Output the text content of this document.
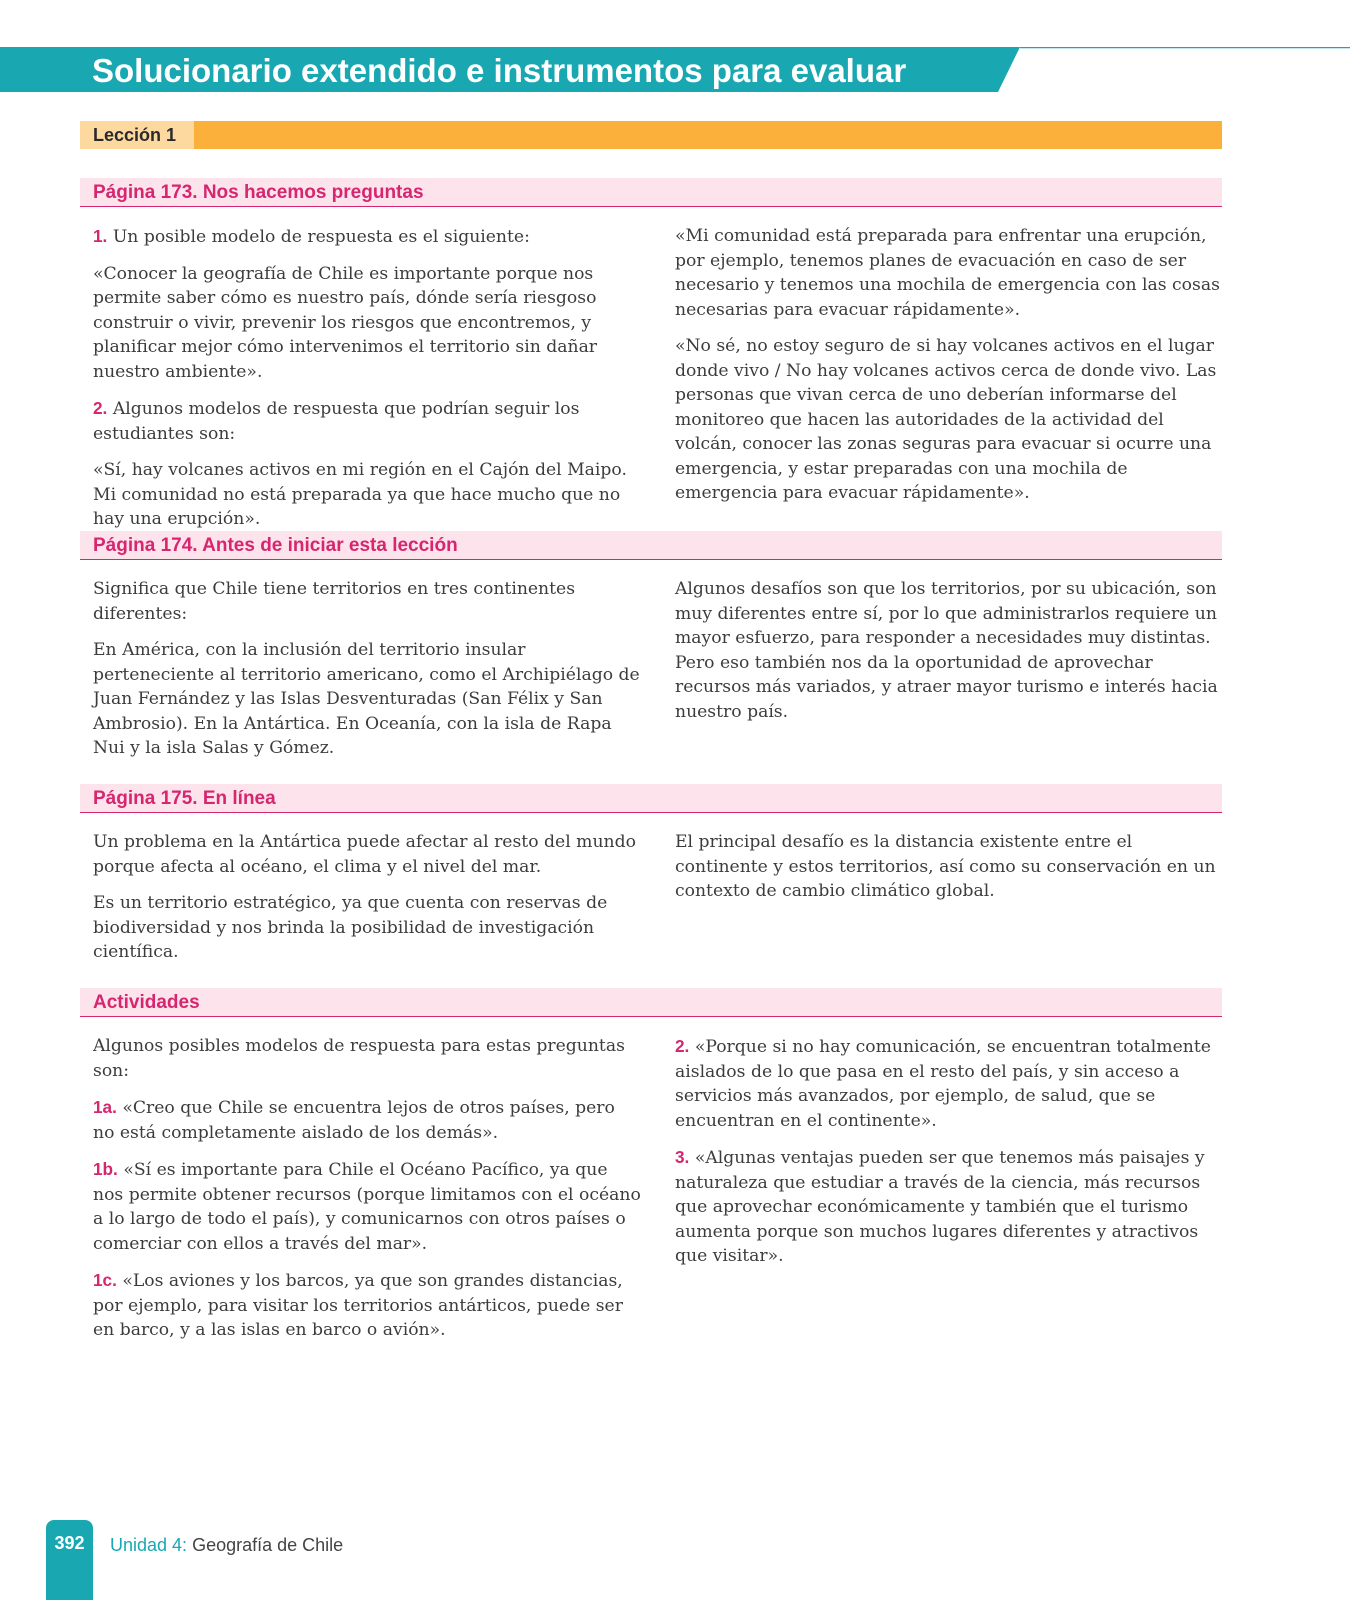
Solucionario extendido e instrumentos para evaluar
Lección 1
Página 173. Nos hacemos preguntas

1. Un posible modelo de respuesta es el siguiente:

«Conocer la geografía de Chile es importante porque nos permite saber cómo es nuestro país, dónde sería riesgoso construir o vivir, prevenir los riesgos que encontremos, y planificar mejor cómo intervenimos el territorio sin dañar nuestro ambiente».

2. Algunos modelos de respuesta que podrían seguir los estudiantes son:

«Sí, hay volcanes activos en mi región en el Cajón del Maipo. Mi comunidad no está preparada ya que hace mucho que no hay una erupción».

«Mi comunidad está preparada para enfrentar una erupción, por ejemplo, tenemos planes de evacuación en caso de ser necesario y tenemos una mochila de emergencia con las cosas necesarias para evacuar rápidamente».

«No sé, no estoy seguro de si hay volcanes activos en el lugar donde vivo / No hay volcanes activos cerca de donde vivo. Las personas que vivan cerca de uno deberían informarse del monitoreo que hacen las autoridades de la actividad del volcán, conocer las zonas seguras para evacuar si ocurre una emergencia, y estar preparadas con una mochila de emergencia para evacuar rápidamente».

Página 174. Antes de iniciar esta lección

Significa que Chile tiene territorios en tres continentes diferentes:

En América, con la inclusión del territorio insular perteneciente al territorio americano, como el Archipiélago de Juan Fernández y las Islas Desventuradas (San Félix y San Ambrosio). En la Antártica. En Oceanía, con la isla de Rapa Nui y la isla Salas y Gómez.

Algunos desafíos son que los territorios, por su ubicación, son muy diferentes entre sí, por lo que administrarlos requiere un mayor esfuerzo, para responder a necesidades muy distintas. Pero eso también nos da la oportunidad de aprovechar recursos más variados, y atraer mayor turismo e interés hacia nuestro país.

Página 175. En línea

Un problema en la Antártica puede afectar al resto del mundo porque afecta al océano, el clima y el nivel del mar.

Es un territorio estratégico, ya que cuenta con reservas de biodiversidad y nos brinda la posibilidad de investigación científica.

El principal desafío es la distancia existente entre el continente y estos territorios, así como su conservación en un contexto de cambio climático global.

Actividades

Algunos posibles modelos de respuesta para estas preguntas son:

1a. «Creo que Chile se encuentra lejos de otros países, pero no está completamente aislado de los demás».

1b. «Sí es importante para Chile el Océano Pacífico, ya que nos permite obtener recursos (porque limitamos con el océano a lo largo de todo el país), y comunicarnos con otros países o comerciar con ellos a través del mar».

1c. «Los aviones y los barcos, ya que son grandes distancias, por ejemplo, para visitar los territorios antárticos, puede ser en barco, y a las islas en barco o avión».

2. «Porque si no hay comunicación, se encuentran totalmente aislados de lo que pasa en el resto del país, y sin acceso a servicios más avanzados, por ejemplo, de salud, que se encuentran en el continente».

3. «Algunas ventajas pueden ser que tenemos más paisajes y naturaleza que estudiar a través de la ciencia, más recursos que aprovechar económicamente y también que el turismo aumenta porque son muchos lugares diferentes y atractivos que visitar».

392	Unidad 4: Geografía de Chile
